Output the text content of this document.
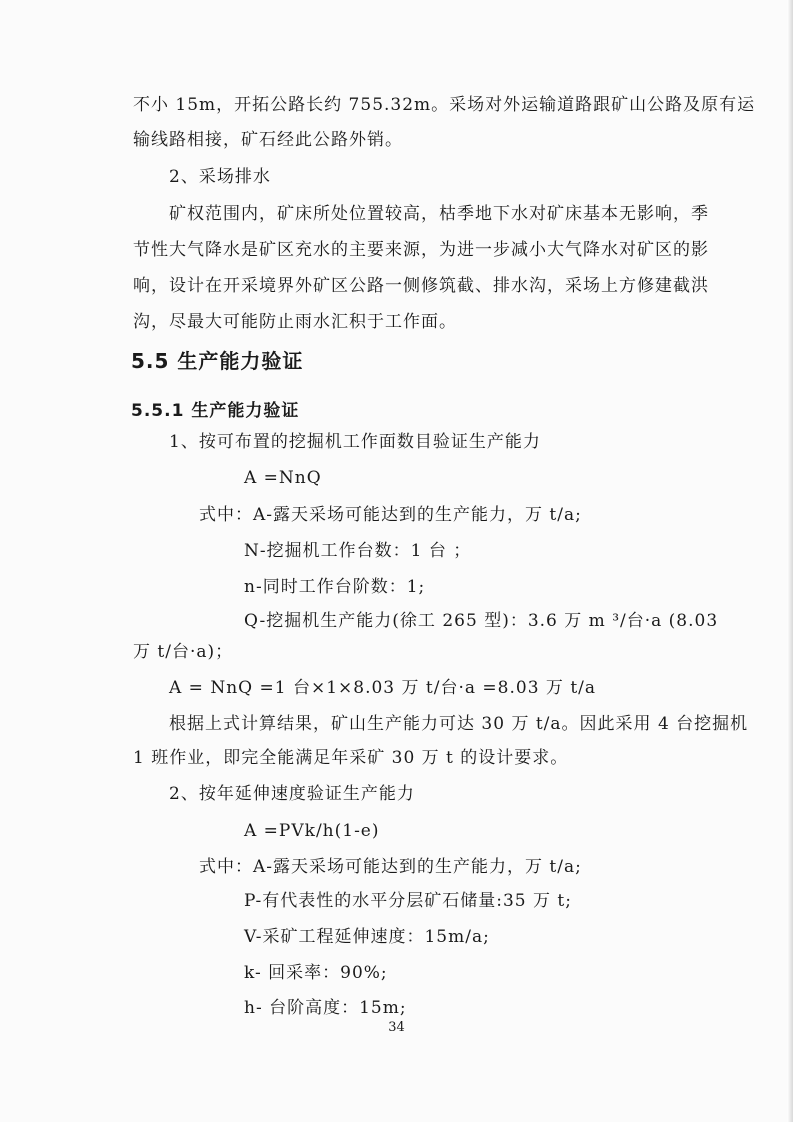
不小 15m，开拓公路长约 755.32m。采场对外运输道路跟矿山公路及原有运
输线路相接，矿石经此公路外销。
2、采场排水
矿权范围内，矿床所处位置较高，枯季地下水对矿床基本无影响，季
节性大气降水是矿区充水的主要来源，为进一步减小大气降水对矿区的影
响，设计在开采境界外矿区公路一侧修筑截、排水沟，采场上方修建截洪
沟，尽最大可能防止雨水汇积于工作面。
5.5 生产能力验证
5.5.1 生产能力验证
1、按可布置的挖掘机工作面数目验证生产能力
A =NnQ
式中：A-露天采场可能达到的生产能力，万 t/a;
N-挖掘机工作台数：1 台 ；
n-同时工作台阶数：1;
Q-挖掘机生产能力(徐工 265 型)：3.6 万 m ³/台·a (8.03
万 t/台·a)；
A = NnQ =1 台×1×8.03 万 t/台·a =8.03 万 t/a
根据上式计算结果，矿山生产能力可达 30 万 t/a。因此采用 4 台挖掘机
1 班作业，即完全能满足年采矿 30 万 t 的设计要求。
2、按年延伸速度验证生产能力
A =PVk/h(1-e)
式中：A-露天采场可能达到的生产能力，万 t/a;
P-有代表性的水平分层矿石储量:35 万 t;
V-采矿工程延伸速度：15m/a;
k- 回采率：90%;
h- 台阶高度：15m;
34
